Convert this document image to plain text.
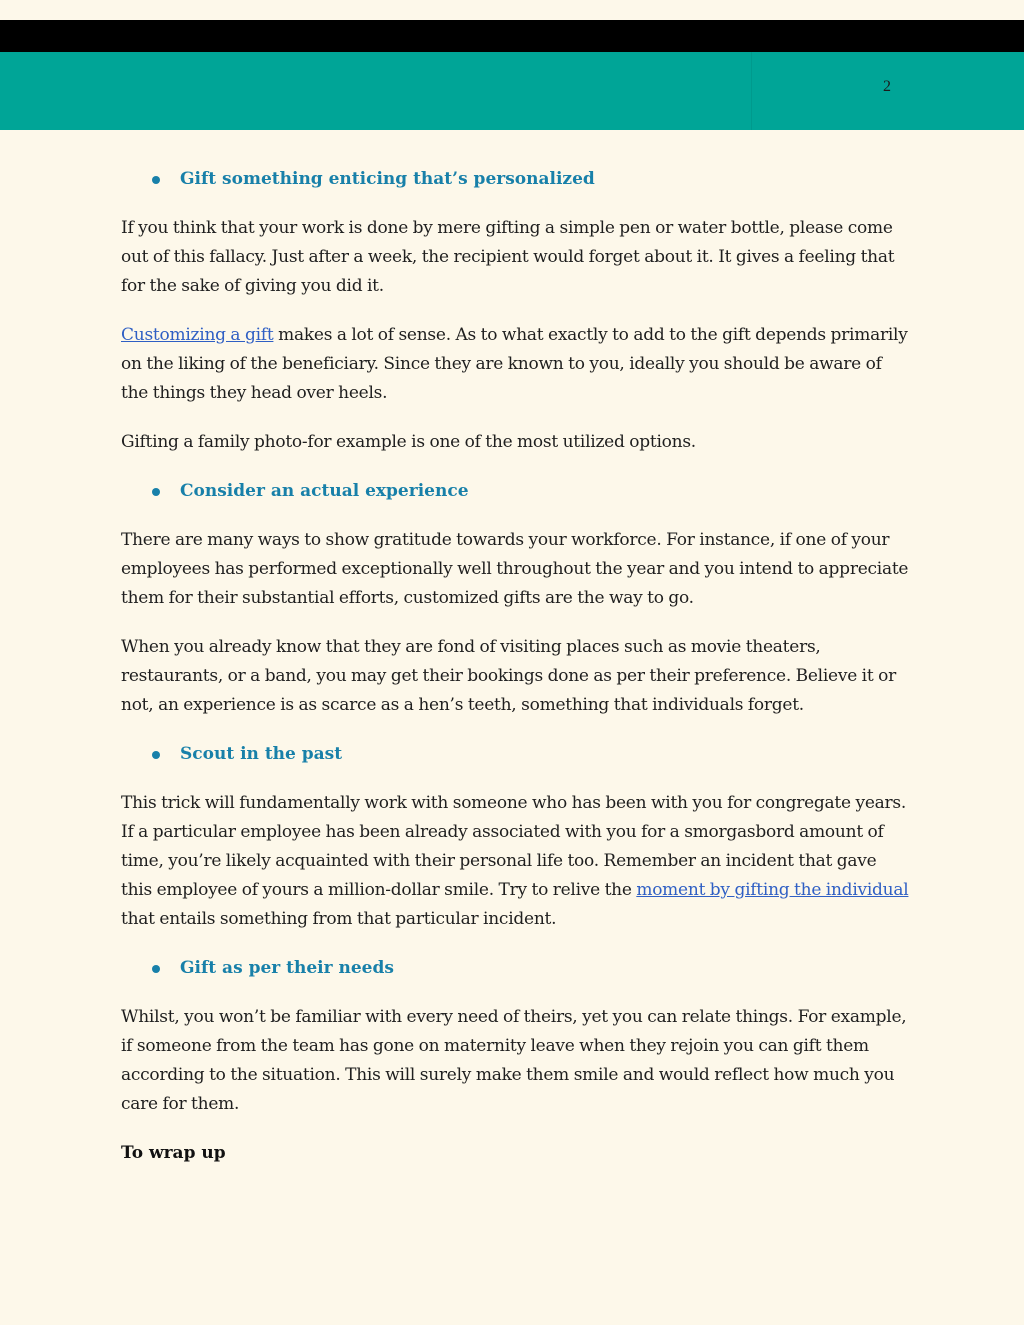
2
Gift something enticing that’s personalized

If you think that your work is done by mere gifting a simple pen or water bottle, please come out of this fallacy. Just after a week, the recipient would forget about it. It gives a feeling that for the sake of giving you did it.

Customizing a gift makes a lot of sense. As to what exactly to add to the gift depends primarily on the liking of the beneficiary. Since they are known to you, ideally you should be aware of the things they head over heels.

Gifting a family photo-for example is one of the most utilized options.

Consider an actual experience

There are many ways to show gratitude towards your workforce. For instance, if one of your employees has performed exceptionally well throughout the year and you intend to appreciate them for their substantial efforts, customized gifts are the way to go.

When you already know that they are fond of visiting places such as movie theaters, restaurants, or a band, you may get their bookings done as per their preference. Believe it or not, an experience is as scarce as a hen’s teeth, something that individuals forget.

Scout in the past

This trick will fundamentally work with someone who has been with you for congregate years. If a particular employee has been already associated with you for a smorgasbord amount of time, you’re likely acquainted with their personal life too. Remember an incident that gave this employee of yours a million-dollar smile. Try to relive the moment by gifting the individual that entails something from that particular incident.

Gift as per their needs

Whilst, you won’t be familiar with every need of theirs, yet you can relate things. For example, if someone from the team has gone on maternity leave when they rejoin you can gift them according to the situation. This will surely make them smile and would reflect how much you care for them.

To wrap up
